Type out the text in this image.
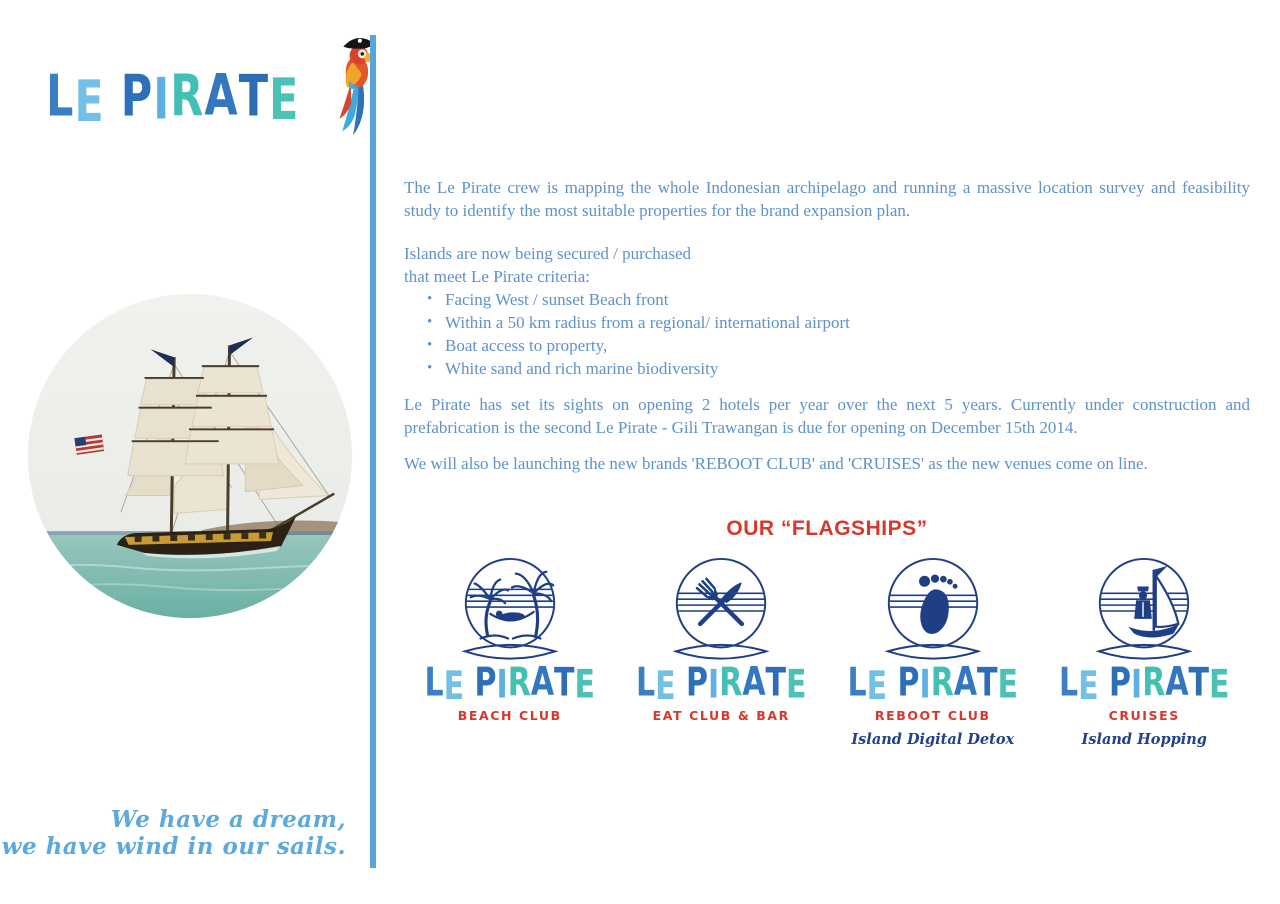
LE PIRATE
We have a dream,
we have wind in our sails.

The Le Pirate crew is mapping the whole Indonesian archipelago and running a massive location survey and feasibility study to identify the most suitable properties for the brand expansion plan.

Islands are now being secured / purchased
that meet Le Pirate criteria:

• Facing West / sunset Beach front
• Within a 50 km radius from a regional/ international airport
• Boat access to property,
• White sand and rich marine biodiversity

Le Pirate has set its sights on opening 2 hotels per year over the next 5 years. Currently under construction and prefabrication is the second Le Pirate - Gili Trawangan is due for opening on December 15th 2014.

We will also be launching the new brands 'REBOOT CLUB' and 'CRUISES' as the new venues come on line.

OUR “FLAGSHIPS”
LE PIRATE
BEACH CLUB
LE PIRATE
EAT CLUB & BAR
LE PIRATE
REBOOT CLUB
Island Digital Detox
LE PIRATE
CRUISES
Island Hopping
